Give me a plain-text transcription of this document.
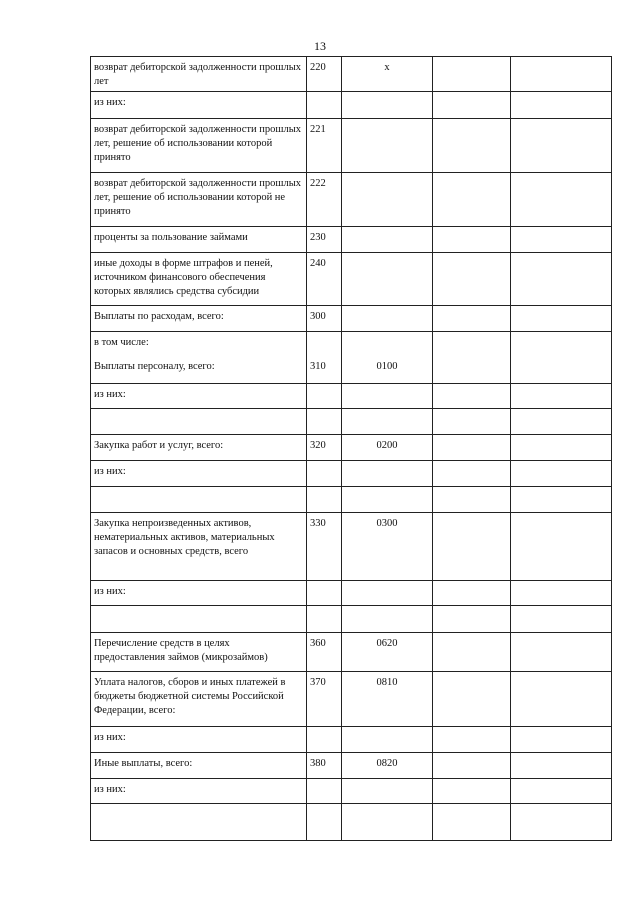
13
возврат дебиторской задолженности прошлых лет	220	x		
из них:				
возврат дебиторской задолженности прошлых лет, решение об использовании которой принято	221			
возврат дебиторской задолженности прошлых лет, решение об использовании которой не принято	222			
проценты за пользование займами	230			
иные доходы в форме штрафов и пеней, источником финансового обеспечения которых являлись средства субсидии	240			
Выплаты по расходам, всего:	300			

в том числе:
Выплаты персоналу, всего:	310	0100		

из них:				

Закупка работ и услуг, всего:	320	0200		
из них:				

Закупка непроизведенных активов, нематериальных активов, материальных запасов и основных средств, всего	330	0300		
из них:				

Перечисление средств в целях предоставления займов (микрозаймов)	360	0620		
Уплата налогов, сборов и иных платежей в бюджеты бюджетной системы Российской Федерации, всего:	370	0810		
из них:				
Иные выплаты, всего:	380	0820		
из них:				
